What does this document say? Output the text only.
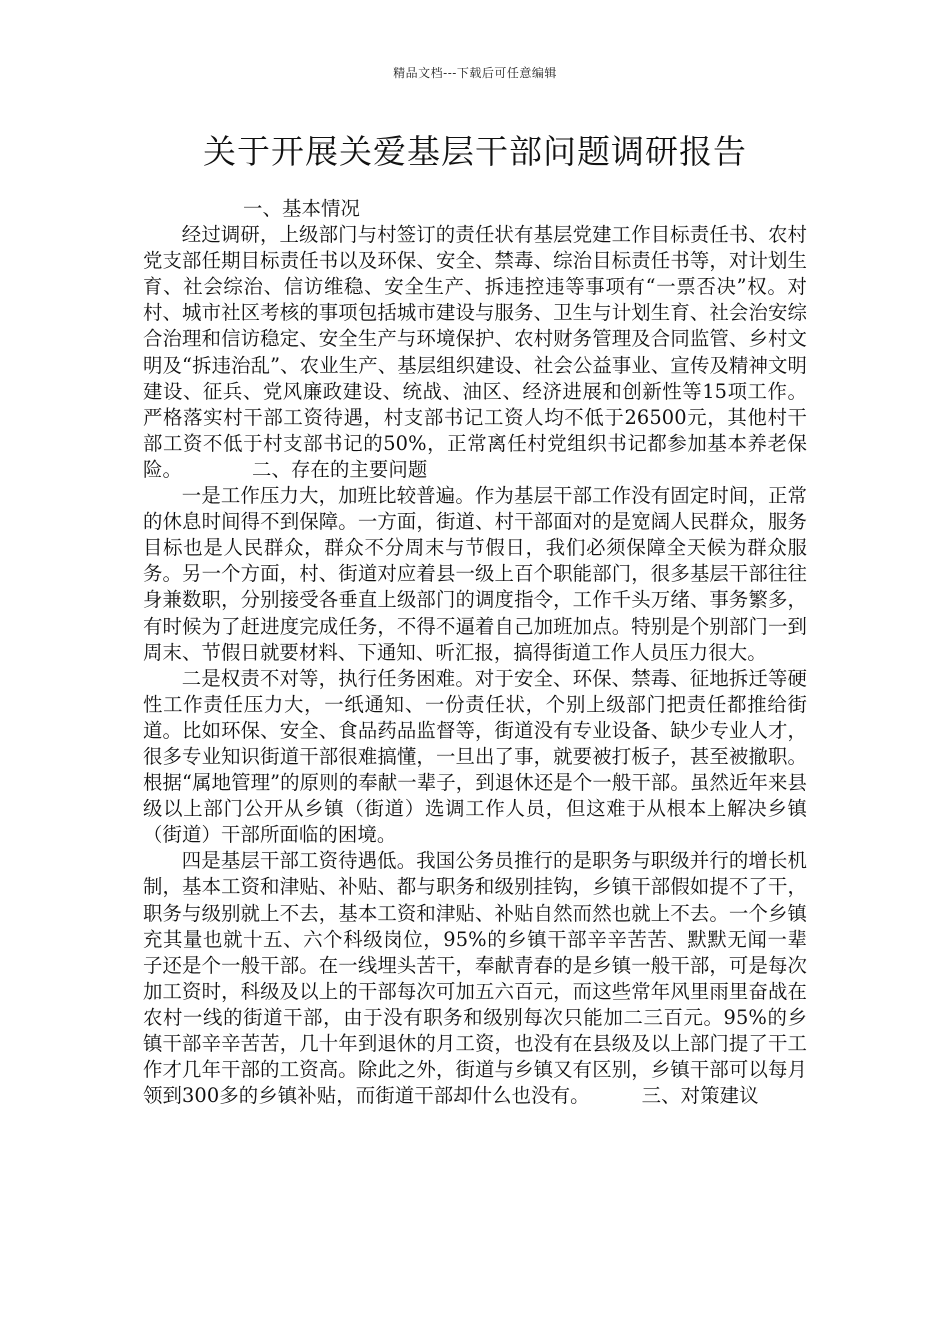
精品文档---下载后可任意编辑
关于开展关爱基层干部问题调研报告

一、基本情况

经过调研，上级部门与村签订的责任状有基层党建工作目标责任书、农村党支部任期目标责任书以及环保、安全、禁毒、综治目标责任书等，对计划生育、社会综治、信访维稳、安全生产、拆违控违等事项有“一票否决”权。对村、城市社区考核的事项包括城市建设与服务、卫生与计划生育、社会治安综合治理和信访稳定、安全生产与环境保护、农村财务管理及合同监管、乡村文明及“拆违治乱”、农业生产、基层组织建设、社会公益事业、宣传及精神文明建设、征兵、党风廉政建设、统战、油区、经济进展和创新性等15项工作。严格落实村干部工资待遇，村支部书记工资人均不低于26500元，其他村干部工资不低于村支部书记的50%，正常离任村党组织书记都参加基本养老保险。	二、存在的主要问题

一是工作压力大，加班比较普遍。作为基层干部工作没有固定时间，正常的休息时间得不到保障。一方面，街道、村干部面对的是宽阔人民群众，服务目标也是人民群众，群众不分周末与节假日，我们必须保障全天候为群众服务。另一个方面，村、街道对应着县一级上百个职能部门，很多基层干部往往身兼数职，分别接受各垂直上级部门的调度指令，工作千头万绪、事务繁多，有时候为了赶进度完成任务，不得不逼着自己加班加点。特别是个别部门一到周末、节假日就要材料、下通知、听汇报，搞得街道工作人员压力很大。

二是权责不对等，执行任务困难。对于安全、环保、禁毒、征地拆迁等硬性工作责任压力大，一纸通知、一份责任状，个别上级部门把责任都推给街道。比如环保、安全、食品药品监督等，街道没有专业设备、缺少专业人才，很多专业知识街道干部很难搞懂，一旦出了事，就要被打板子，甚至被撤职。根据“属地管理”的原则的奉献一辈子，到退休还是个一般干部。虽然近年来县级以上部门公开从乡镇（街道）选调工作人员，但这难于从根本上解决乡镇（街道）干部所面临的困境。

四是基层干部工资待遇低。我国公务员推行的是职务与职级并行的增长机制，基本工资和津贴、补贴、都与职务和级别挂钩，乡镇干部假如提不了干，职务与级别就上不去，基本工资和津贴、补贴自然而然也就上不去。一个乡镇充其量也就十五、六个科级岗位，95%的乡镇干部辛辛苦苦、默默无闻一辈子还是个一般干部。在一线埋头苦干，奉献青春的是乡镇一般干部，可是每次加工资时，科级及以上的干部每次可加五六百元，而这些常年风里雨里奋战在农村一线的街道干部，由于没有职务和级别每次只能加二三百元。95%的乡镇干部辛辛苦苦，几十年到退休的月工资，也没有在县级及以上部门提了干工作才几年干部的工资高。除此之外，街道与乡镇又有区别，乡镇干部可以每月领到300多的乡镇补贴，而街道干部却什么也没有。	三、对策建议
